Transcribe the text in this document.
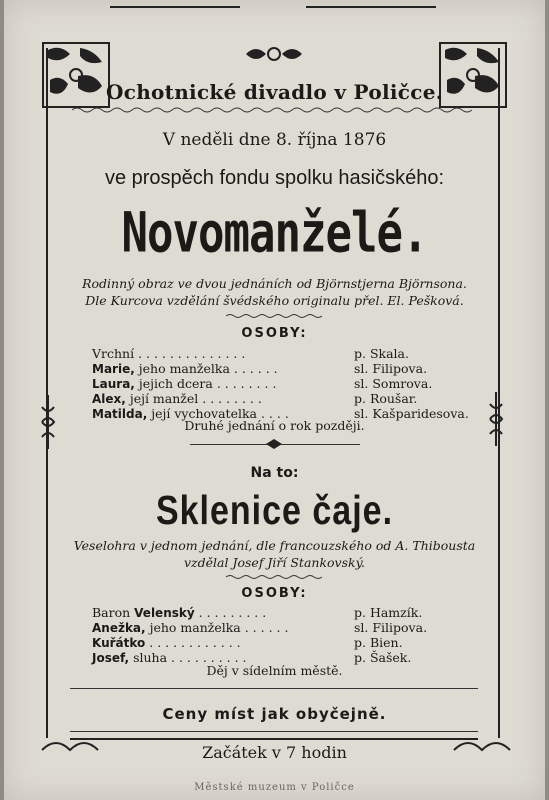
Ochotnické divadlo v Poličce.
V neděli dne 8. října 1876
ve prospěch fondu spolku hasičského:
Novomanželé.
Rodinný obraz ve dvou jednáních od Björnstjerna Björnsona.
Dle Kurcova vzdělání švédského originalu přel. El. Pešková.
OSOBY:
Vrchní . . . . . . . . . . . . . .	p. Skala.
Marie, jeho manželka . . . . . .	sl. Filipova.
Laura, jejich dcera . . . . . . . .	sl. Somrova.
Alex, její manžel . . . . . . . .	p. Roušar.
Matilda, její vychovatelka . . . .	sl. Kašparidesova.
Druhé jednání o rok později.
Na to:
Sklenice čaje.
Veselohra v jednom jednání, dle francouzského od A. Thibousta
vzdělal Josef Jiří Stankovský.
OSOBY:
Baron Velenský . . . . . . . . .	p. Hamzík.
Anežka, jeho manželka . . . . . .	sl. Filipova.
Kuřátko . . . . . . . . . . . .	p. Bien.
Josef, sluha . . . . . . . . . .	p. Šašek.
Děj v sídelním městě.
Ceny míst jak obyčejně.
Začátek v 7 hodin
Městské muzeum v Poličce
